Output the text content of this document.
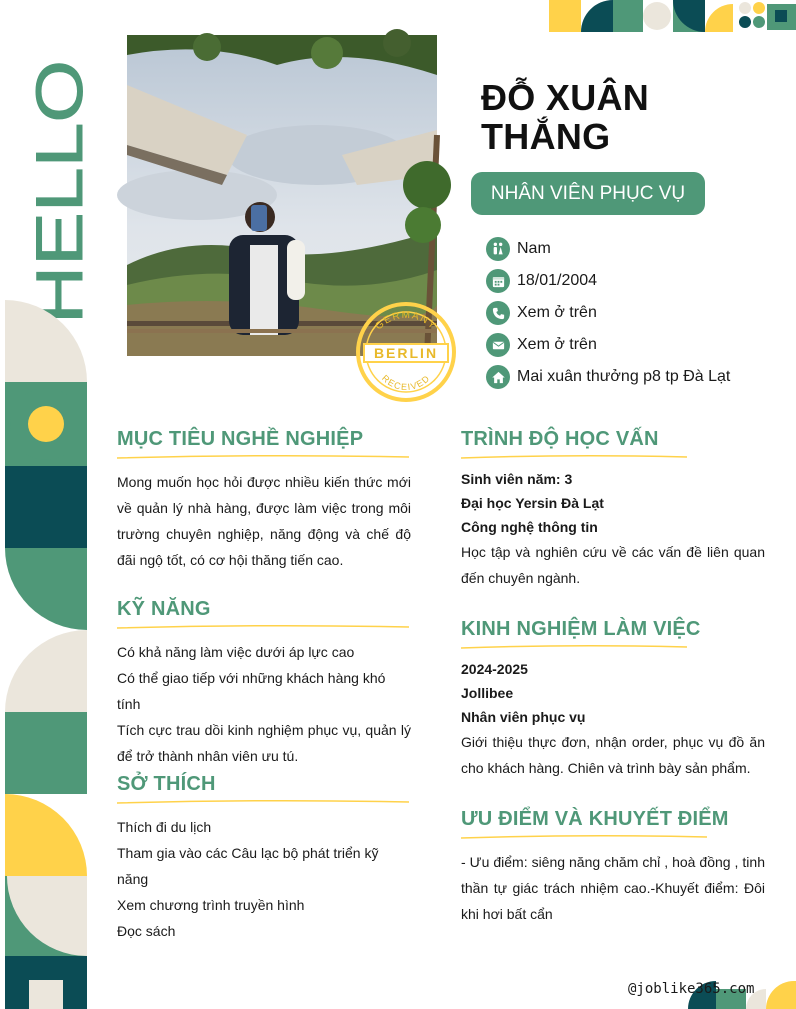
HELLO
GERMANY
BERLIN
RECEIVED
ĐỖ XUÂN
THẮNG
NHÂN VIÊN PHỤC VỤ
Nam
18/01/2004
Xem ở trên
Xem ở trên
Mai xuân thưởng p8 tp Đà Lạt
MỤC TIÊU NGHỀ NGHIỆP
Mong muốn học hỏi được nhiều kiến thức mới về quản lý nhà hàng, được làm việc trong môi trường chuyên nghiệp, năng động và chế độ đãi ngộ tốt, có cơ hội thăng tiến cao.
KỸ NĂNG
Có khả năng làm việc dưới áp lực cao
Có thể giao tiếp với những khách hàng khó tính
Tích cực trau dồi kinh nghiệm phục vụ, quản lý để trở thành nhân viên ưu tú.
SỞ THÍCH
Thích đi du lịch
Tham gia vào các Câu lạc bộ phát triển kỹ năng
Xem chương trình truyền hình
Đọc sách
TRÌNH ĐỘ HỌC VẤN
Sinh viên năm: 3
Đại học Yersin Đà Lạt
Công nghệ thông tin
Học tập và nghiên cứu về các vấn đề liên quan đến chuyên ngành.
KINH NGHIỆM LÀM VIỆC
2024-2025
Jollibee
Nhân viên phục vụ
Giới thiệu thực đơn, nhận order, phục vụ đồ ăn cho khách hàng. Chiên và trình bày sản phẩm.
ƯU ĐIỂM VÀ KHUYẾT ĐIỂM
- Ưu điểm: siêng năng chăm chỉ , hoà đồng , tinh thần tự giác trách nhiệm cao.-Khuyết điểm: Đôi khi hơi bất cẩn
@joblike365.com
